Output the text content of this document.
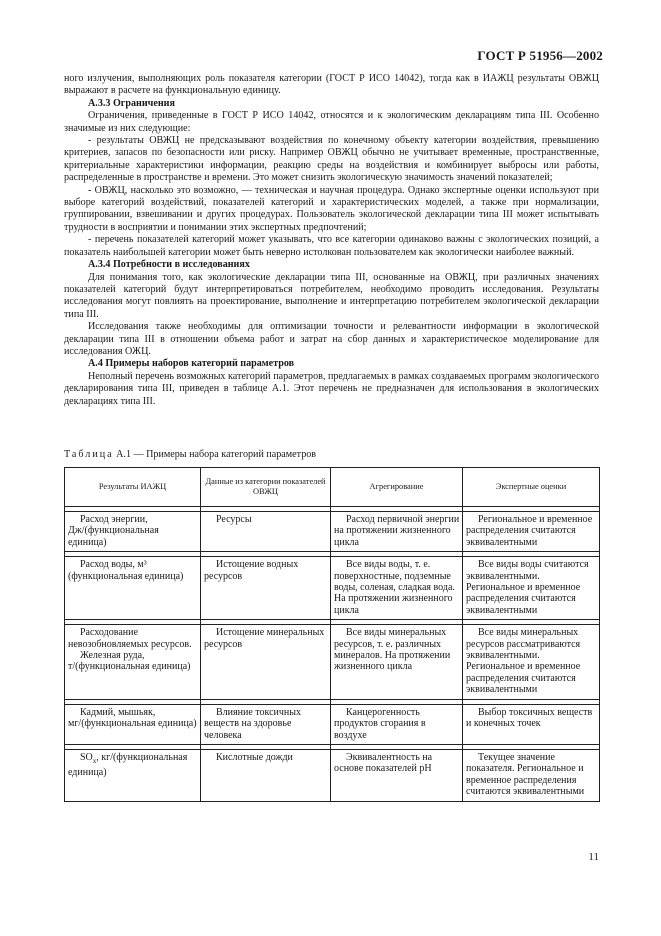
ГОСТ Р 51956—2002

ного излучения, выполняющих роль показателя категории (ГОСТ Р ИСО 14042), тогда как в ИАЖЦ результаты ОВЖЦ выражают в расчете на функциональную единицу.

А.3.3 Ограничения

Ограничения, приведенные в ГОСТ Р ИСО 14042, относятся и к экологическим декларациям типа III. Особенно значимые из них следующие:

- результаты ОВЖЦ не предсказывают воздействия по конечному объекту категории воздействия, превышению критериев, запасов по безопасности или риску. Например ОВЖЦ обычно не учитывает временные, пространственные, критериальные характеристики информации, реакцию среды на воздействия и комбинирует выбросы или работы, распределенные в пространстве и времени. Это может снизить экологическую значимость значений показателей;

- ОВЖЦ, насколько это возможно, — техническая и научная процедура. Однако экспертные оценки используют при выборе категорий воздействий, показателей категорий и характеристических моделей, а также при нормализации, группировании, взвешивании и других процедурах. Пользователь экологической декларации типа III может испытывать трудности в восприятии и понимании этих экспертных предпочтений;

- перечень показателей категорий может указывать, что все категории одинаково важны с экологических позиций, а показатель наибольшей категории может быть неверно истолкован пользователем как экологически наиболее важный.

А.3.4 Потребности в исследованиях

Для понимания того, как экологические декларации типа III, основанные на ОВЖЦ, при различных значениях показателей категорий будут интерпретироваться потребителем, необходимо проводить исследования. Результаты исследования могут повлиять на проектирование, выполнение и интерпретацию потребителем экологической декларации типа III.

Исследования также необходимы для оптимизации точности и релевантности информации в экологической декларации типа III в отношении объема работ и затрат на сбор данных и характеристическое моделирование для исследования ОЖЦ.

А.4 Примеры наборов категорий параметров

Неполный перечень возможных категорий параметров, предлагаемых в рамках создаваемых программ экологического декларирования типа III, приведен в таблице А.1. Этот перечень не предназначен для использования в экологических декларациях типа III.

Таблица А.1 — Примеры набора категорий параметров
Результаты ИАЖЦ	Данные из категории показателей ОВЖЦ	Агрегирование	Экспертные оценки

Расход энергии, Дж/(функциональная единица)	Ресурсы	Расход первичной энергии на протяжении жизненного цикла	Региональное и временное распределения считаются эквивалентными

Расход воды, м³ (функциональная единица)	Истощение водных ресурсов	Все виды воды, т. е. поверхностные, подземные воды, соленая, сладкая вода. На протяжении жизненного цикла	Все виды воды считаются эквивалентными. Региональное и временное распределения считаются эквивалентными

Расходование невозобновляемых ресурсов.
Железная руда, т/(функциональная единица)	Истощение минеральных ресурсов	Все виды минеральных ресурсов, т. е. различных минералов. На протяжении жизненного цикла	Все виды минеральных ресурсов рассматриваются эквивалентными. Региональное и временное распределения считаются эквивалентными

Кадмий, мышьяк, мг/(функциональная единица)	Влияние токсичных веществ на здоровье человека	Канцерогенность продуктов сгорания в воздухе	Выбор токсичных веществ и конечных точек

$SO_x$, кг/(функциональная единица)	Кислотные дожди	Эквивалентность на основе показателей pH	Текущее значение показателя. Региональное и временное распределения считаются эквивалентными
11
